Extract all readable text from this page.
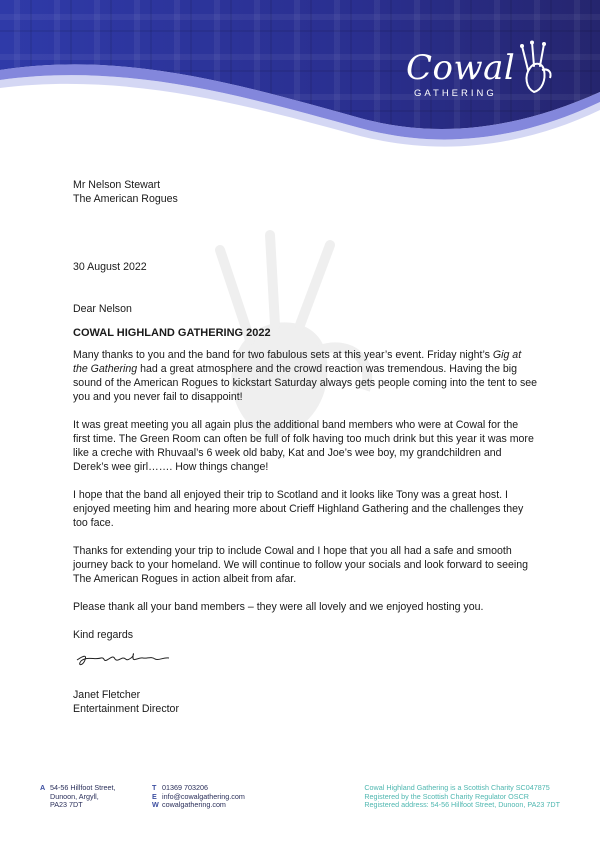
Cowal
GATHERING

Mr Nelson Stewart

The American Rogues

30 August 2022

Dear Nelson

COWAL HIGHLAND GATHERING 2022

Many thanks to you and the band for two fabulous sets at this year’s event. Friday night’s Gig at the Gathering had a great atmosphere and the crowd reaction was tremendous. Having the big sound of the American Rogues to kickstart Saturday always gets people coming into the tent to see you and you never fail to disappoint!

It was great meeting you all again plus the additional band members who were at Cowal for the first time. The Green Room can often be full of folk having too much drink but this year it was more like a creche with Rhuvaal’s 6 week old baby, Kat and Joe’s wee boy, my grandchildren and Derek’s wee girl……. How things change!

I hope that the band all enjoyed their trip to Scotland and it looks like Tony was a great host. I enjoyed meeting him and hearing more about Crieff Highland Gathering and the challenges they too face.

Thanks for extending your trip to include Cowal and I hope that you all had a safe and smooth journey back to your homeland. We will continue to follow your socials and look forward to seeing The American Rogues in action albeit from afar.

Please thank all your band members – they were all lovely and we enjoyed hosting you.

Kind regards

Janet Fletcher

Entertainment Director

A 54-56 Hillfoot Street,
Dunoon, Argyll,
PA23 7DT
T 01369 703206
E info@cowalgathering.com
W cowalgathering.com
Cowal Highland Gathering is a Scottish Charity SC047875
Registered by the Scottish Charity Regulator OSCR
Registered address: 54-56 Hillfoot Street, Dunoon, PA23 7DT
